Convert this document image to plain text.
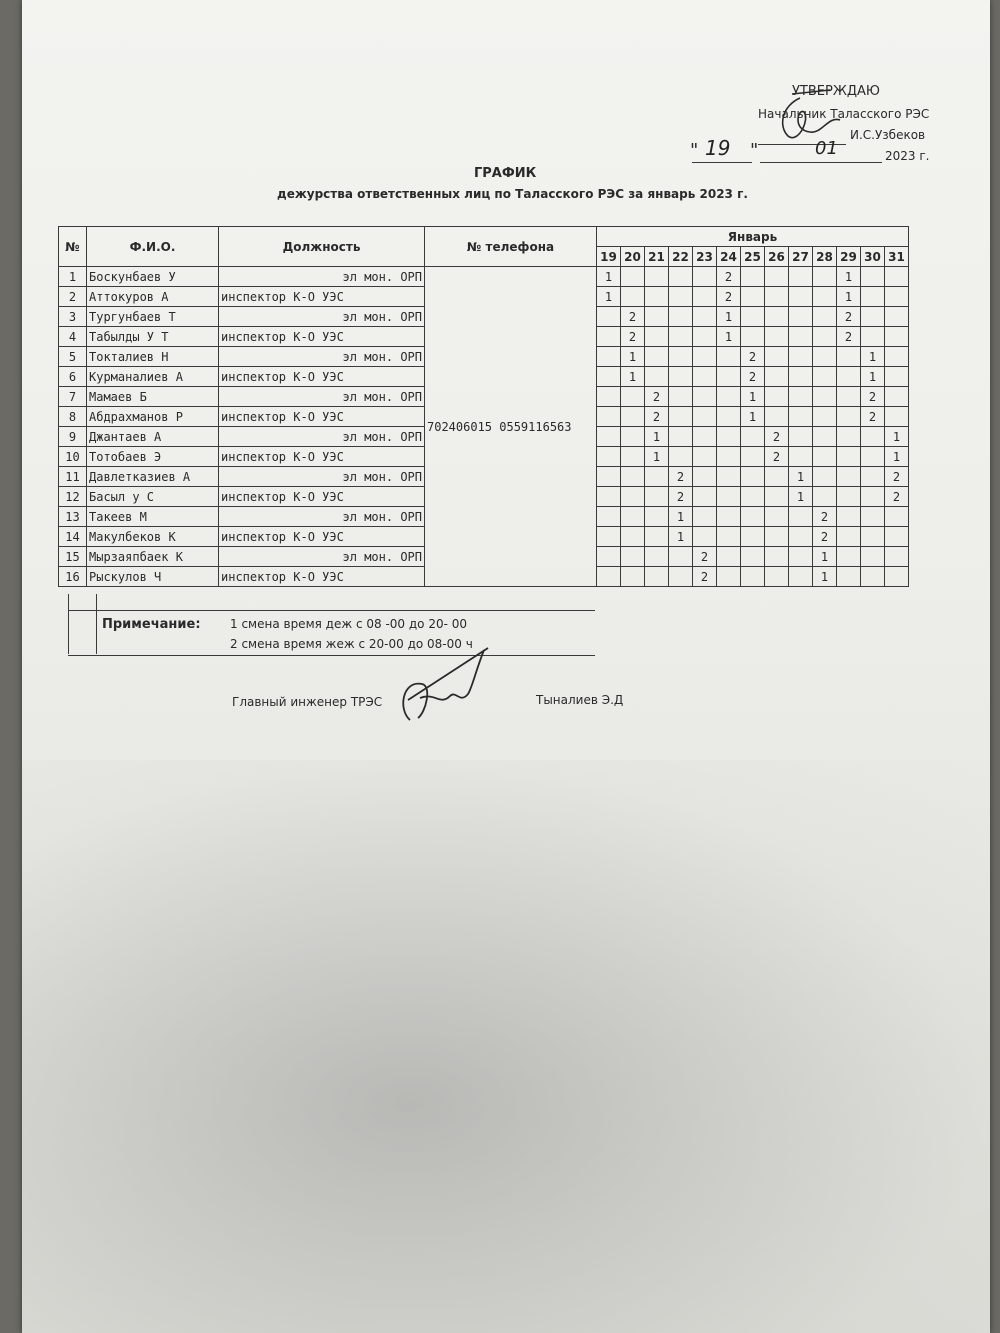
УТВЕРЖДАЮ
Начальник Таласского РЭС
И.С.Узбеков
" 19 "	01	2023 г.
ГРАФИК
дежурства ответственных лиц по Таласского РЭС за январь 2023 г.
№	Ф.И.О.	Должность	№ телефона	Январь												
				19	20	21	22	23	24	25	26	27	28	29	30	31
1	Боскунбаев У	эл мон. ОРП	702406015 0559116563	1					2					1		
2	Аттокуров А	инспектор К-О УЭС		1					2					1		
3	Тургунбаев Т	эл мон. ОРП			2				1					2		
4	Табылды У Т	инспектор К-О УЭС			2				1					2		
5	Токталиев Н	эл мон. ОРП			1					2					1	
6	Курманалиев А	инспектор К-О УЭС			1					2					1	
7	Мамаев Б	эл мон. ОРП				2				1					2	
8	Абдрахманов Р	инспектор К-О УЭС				2				1					2	
9	Джантаев А	эл мон. ОРП				1					2					1
10	Тотобаев Э	инспектор К-О УЭС				1					2					1
11	Давлетказиев А	эл мон. ОРП					2					1				2
12	Басыл у С	инспектор К-О УЭС					2					1				2
13	Такеев М	эл мон. ОРП					1						2			
14	Макулбеков К	инспектор К-О УЭС					1						2			
15	Мырзаяпбаек К	эл мон. ОРП						2					1			
16	Рыскулов Ч	инспектор К-О УЭС						2					1			
Примечание: 1 смена время деж с 08 -00 до 20- 00
2 смена время жеж с 20-00 до 08-00 ч
Главный инженер ТРЭС	Тыналиев Э.Д
